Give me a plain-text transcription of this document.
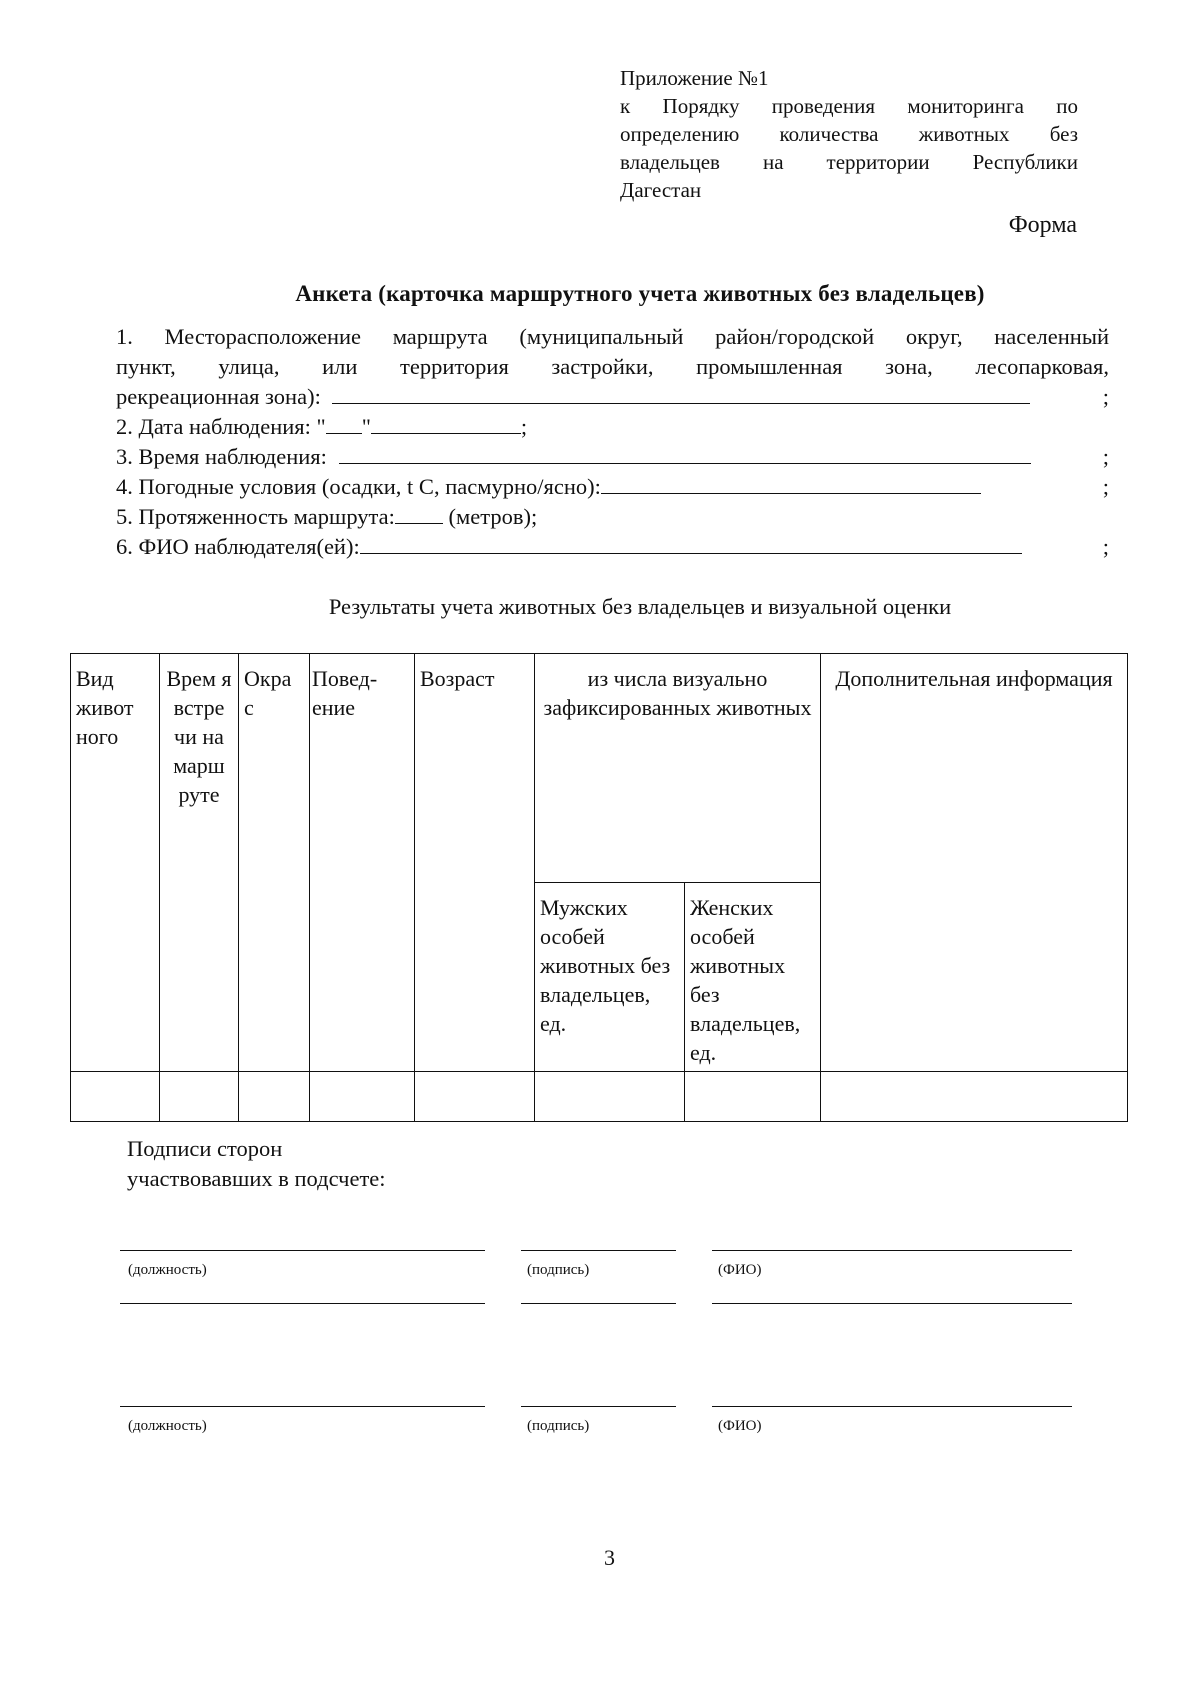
Приложение №1
к Порядку проведения мониторинга по
определению количества животных без
владельцев на территории Республики
Дагестан
Форма
Анкета (карточка маршрутного учета животных без владельцев)
1. Месторасположение маршрута (муниципальный район/городской округ, населенный
пункт, улица, или территория застройки, промышленная зона, лесопарковая,
рекреационная зона):	;
2. Дата наблюдения: " "	;
3. Время наблюдения:	;
4. Погодные условия (осадки, t С, пасмурно/ясно):	;
5. Протяженность маршрута: (метров);
6. ФИО наблюдателя(ей):	;
Результаты учета животных без владельцев и визуальной оценки
Вид живот ного	Врем я встре чи на марш руте	Окра с	Повед- ение	Возраст	из числа визуально зафиксированных животных		Дополнительная информация
					Мужских особей животных без владельцев, ед.	Женских особей животных без владельцев, ед.	

Подписи сторон
участвовавших в подсчете:
(должность)	(подпись)	(ФИО)
(должность)	(подпись)	(ФИО)
3
